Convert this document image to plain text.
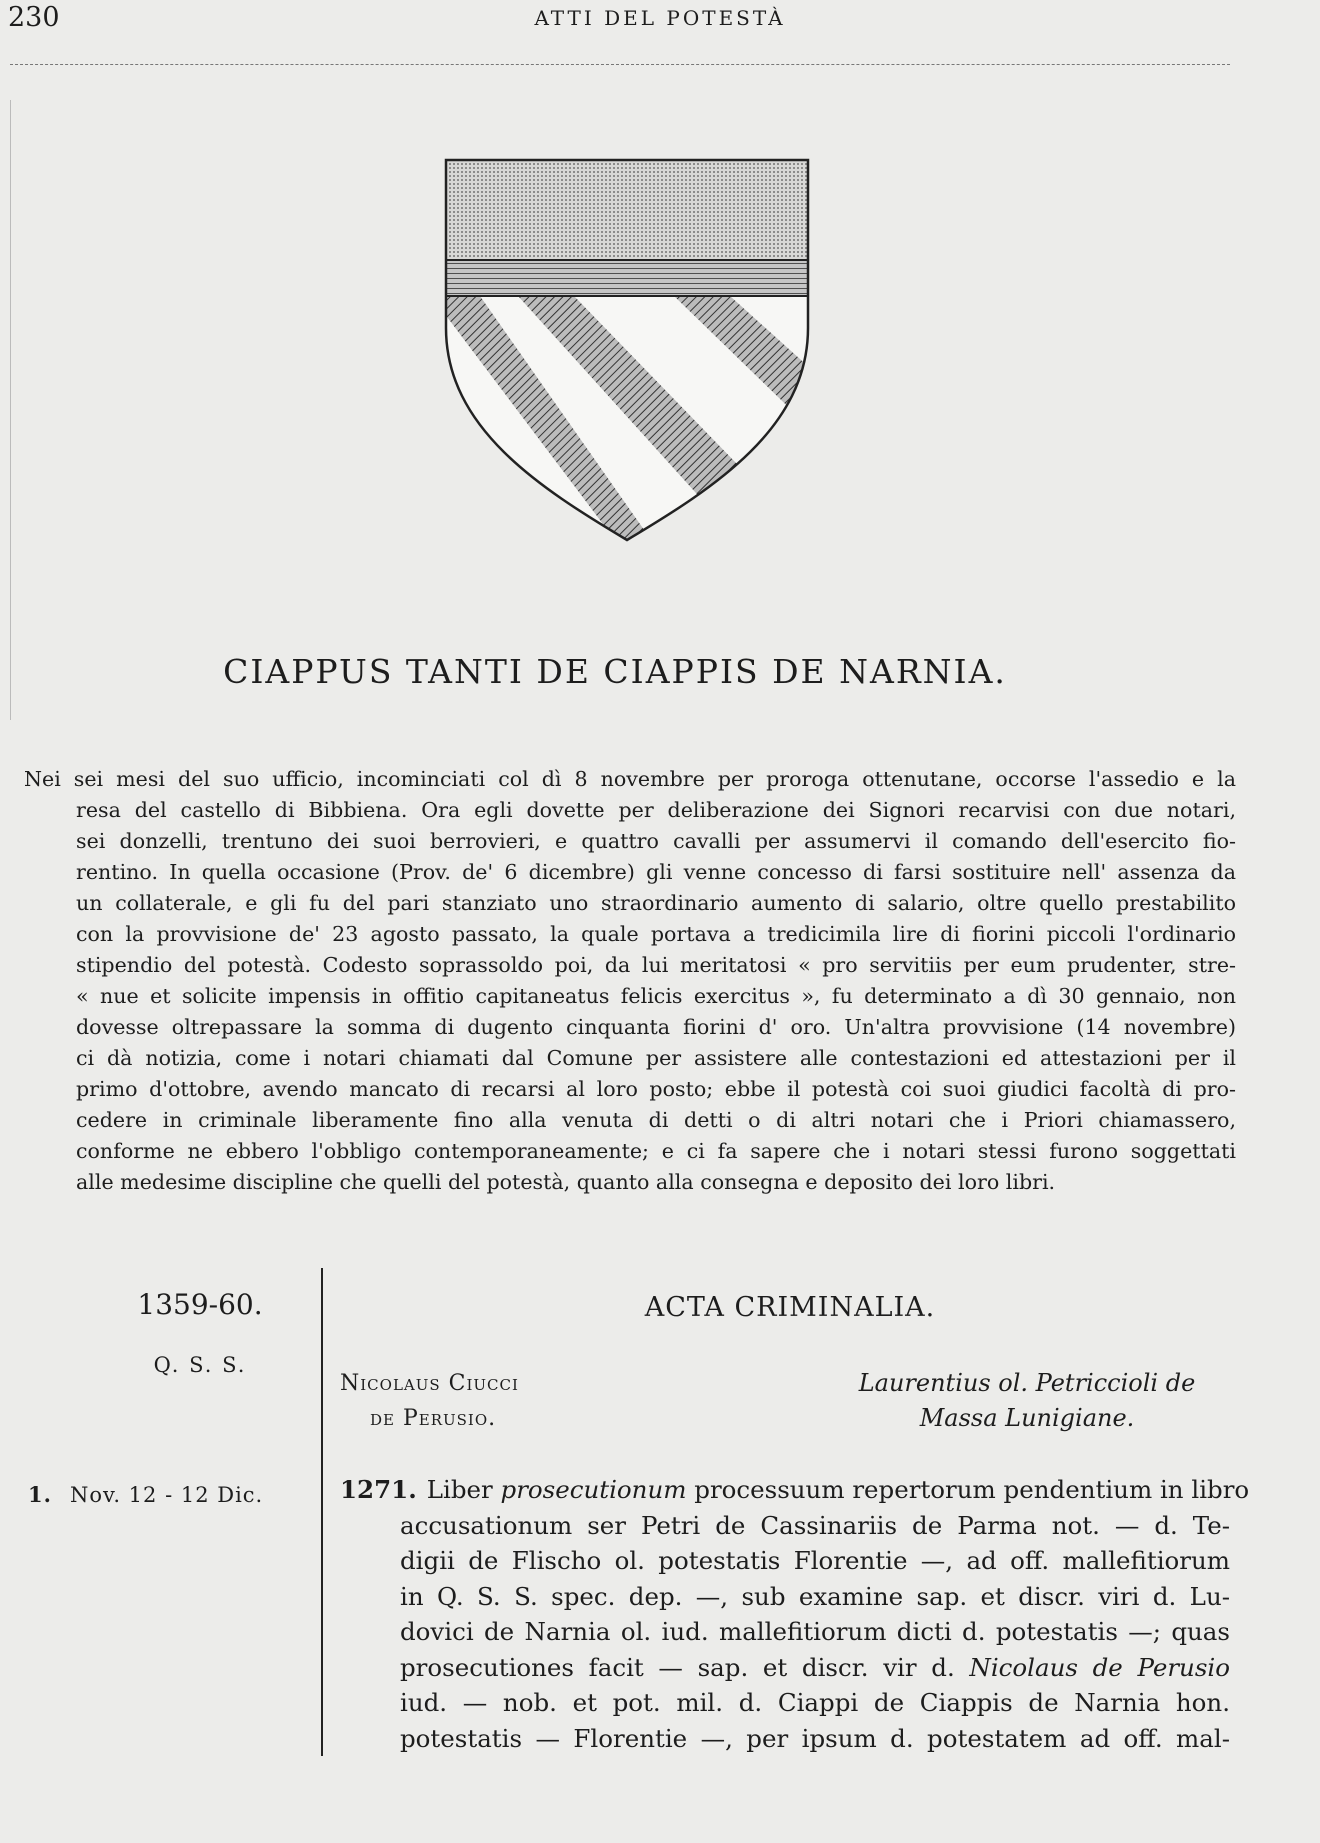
230	ATTI DEL POTESTÀ
CIAPPUS TANTI DE CIAPPIS DE NARNIA.

Nei sei mesi del suo ufficio, incominciati col dì 8 novembre per proroga ottenutane, occorse l'assedio e la
resa del castello di Bibbiena. Ora egli dovette per deliberazione dei Signori recarvisi con due notari,
sei donzelli, trentuno dei suoi berrovieri, e quattro cavalli per assumervi il comando dell'esercito fio-
rentino. In quella occasione (Prov. de' 6 dicembre) gli venne concesso di farsi sostituire nell' assenza da
un collaterale, e gli fu del pari stanziato uno straordinario aumento di salario, oltre quello prestabilito
con la provvisione de' 23 agosto passato, la quale portava a tredicimila lire di fiorini piccoli l'ordinario
stipendio del potestà. Codesto soprassoldo poi, da lui meritatosi « pro servitiis per eum prudenter, stre-
« nue et solicite impensis in offitio capitaneatus felicis exercitus », fu determinato a dì 30 gennaio, non
dovesse oltrepassare la somma di dugento cinquanta fiorini d' oro. Un'altra provvisione (14 novembre)
ci dà notizia, come i notari chiamati dal Comune per assistere alle contestazioni ed attestazioni per il
primo d'ottobre, avendo mancato di recarsi al loro posto; ebbe il potestà coi suoi giudici facoltà di pro-
cedere in criminale liberamente fino alla venuta di detti o di altri notari che i Priori chiamassero,
conforme ne ebbero l'obbligo contemporaneamente; e ci fa sapere che i notari stessi furono soggettati
alle medesime discipline che quelli del potestà, quanto alla consegna e deposito dei loro libri.

1359-60.
Q. S. S.
ACTA CRIMINALIA.
Nicolaus Ciucci
de Perusio.
Laurentius ol. Petriccioli de
Massa Lunigiane.
1. Nov. 12 - 12 Dic.	1271. Liber prosecutionum processuum repertorum pendentium in libro
accusationum ser Petri de Cassinariis de Parma not. — d. Te-
digii de Flischo ol. potestatis Florentie —, ad off. mallefitiorum
in Q. S. S. spec. dep. —, sub examine sap. et discr. viri d. Lu-
dovici de Narnia ol. iud. mallefitiorum dicti d. potestatis —; quas
prosecutiones facit — sap. et discr. vir d. Nicolaus de Perusio
iud. — nob. et pot. mil. d. Ciappi de Ciappis de Narnia hon.
potestatis — Florentie —, per ipsum d. potestatem ad off. mal-
